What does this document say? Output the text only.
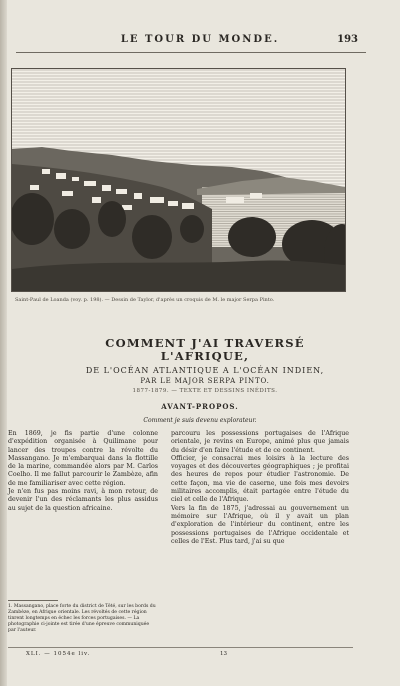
LE TOUR DU MONDE.	193
Saint-Paul de Loanda (voy. p. 198). — Dessin de Taylor, d'après un croquis de M. le major Serpa Pinto.
COMMENT J'AI TRAVERSÉ L'AFRIQUE,
DE L'OCÉAN ATLANTIQUE A L'OCÉAN INDIEN,
PAR LE MAJOR SERPA PINTO.
1877-1879. — TEXTE ET DESSINS INÉDITS.
AVANT-PROPOS.
Comment je suis devenu explorateur.

En 1869, je fis partie d'une colonne d'expédition organisée à Quilimane pour lancer des troupes contre la révolte du Massangano. Je m'embarquai dans la flottille de la marine, commandée alors par M. Carlos Coelho. Il me fallut parcourir le Zambèze, afin de me familiariser avec cette région.

Je n'en fus pas moins ravi, à mon retour, de devenir l'un des réclamants les plus assidus au sujet de la question africaine.

parcouru les possessions portugaises de l'Afrique orientale, je revins en Europe, animé plus que jamais du désir d'en faire l'étude et de ce continent.

Officier, je consacrai mes loisirs à la lecture des voyages et des découvertes géographiques ; je profitai des heures de repos pour étudier l'astronomie. De cette façon, ma vie de caserne, une fois mes devoirs militaires accomplis, était partagée entre l'étude du ciel et celle de l'Afrique.

Vers la fin de 1875, j'adressai au gouvernement un mémoire sur l'Afrique, où il y avait un plan d'exploration de l'intérieur du continent, entre les possessions portugaises de l'Afrique occidentale et celles de l'Est. Plus tard, j'ai su que

1. Massangano, place forte du district de Tété, sur les bords du Zambèze, en Afrique orientale. Les révoltés de cette région tinrent longtemps en échec les forces portugaises. — La photographie ci-jointe est tirée d'une épreuve communiquée par l'auteur.
XLI. — 1054e liv.	13
